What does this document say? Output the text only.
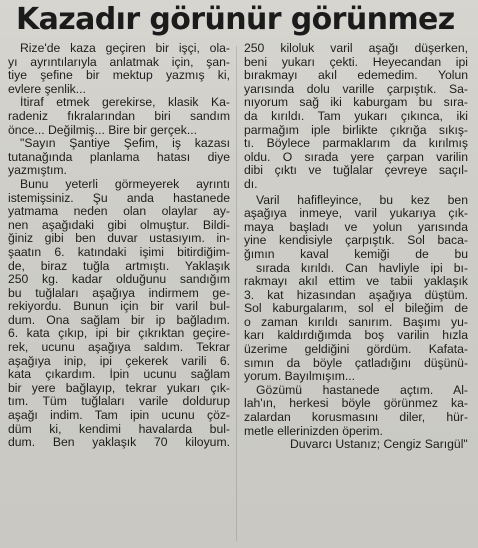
Kazadır görünür görünmez
Rize'de kaza geçiren bir işçi, ola-
yı ayrıntılarıyla anlatmak için, şan-
tiye şefine bir mektup yazmış ki,
evlere şenlik...
İtiraf etmek gerekirse, klasik Ka-
radeniz fıkralarından biri sandım
önce... Değilmiş... Bire bir gerçek...
"Sayın Şantiye Şefim, iş kazası
tutanağında planlama hatası diye
yazmıştım.
Bunu yeterli görmeyerek ayrıntı
istemişsiniz. Şu anda hastanede
yatmama neden olan olaylar ay-
nen aşağıdaki gibi olmuştur. Bildi-
ğiniz gibi ben duvar ustasıyım. in-
şaatın 6. katındaki işimi bitirdiğim-
de, biraz tuğla artmıştı. Yaklaşık
250 kg. kadar olduğunu sandığım
bu tuğlaları aşağıya indirmem ge-
rekiyordu. Bunun için bir varil bul-
dum. Ona sağlam bir ip bağladım.
6. kata çıkıp, ipi bir çıkrıktan geçire-
rek, ucunu aşağıya saldım. Tekrar
aşağıya inip, ipi çekerek varili 6.
kata çıkardım. İpin ucunu sağlam
bir yere bağlayıp, tekrar yukarı çık-
tım. Tüm tuğlaları varile doldurup
aşağı indim. Tam ipin ucunu çöz-
düm ki, kendimi havalarda bul-
dum. Ben yaklaşık 70 kiloyum.
250 kiloluk varil aşağı düşerken,
beni yukarı çekti. Heyecandan ipi
bırakmayı akıl edemedim. Yolun
yarısında dolu varille çarpıştık. Sa-
nıyorum sağ iki kaburgam bu sıra-
da kırıldı. Tam yukarı çıkınca, iki
parmağım iple birlikte çıkrığa sıkış-
tı. Böylece parmaklarım da kırılmış
oldu. O sırada yere çarpan varilin
dibi çıktı ve tuğlalar çevreye saçıl-
dı.
Varil hafifleyince, bu kez ben
aşağıya inmeye, varil yukarıya çık-
maya başladı ve yolun yarısında
yine kendisiyle çarpıştık. Sol baca-
ğımın kaval kemiği de bu
sırada kırıldı. Can havliyle ipi bı-
rakmayı akıl ettim ve tabii yaklaşık
3. kat hizasından aşağıya düştüm.
Sol kaburgalarım, sol el bileğim de
o zaman kırıldı sanırım. Başımı yu-
karı kaldırdığımda boş varilin hızla
üzerime geldiğini gördüm. Kafata-
sımın da böyle çatladığını düşünü-
yorum. Bayılmışım...
Gözümü hastanede açtım. Al-
lah'ın, herkesi böyle görünmez ka-
zalardan korusmasını diler, hür-
metle ellerinizden öperim.
Duvarcı Ustanız; Cengiz Sarıgül"
